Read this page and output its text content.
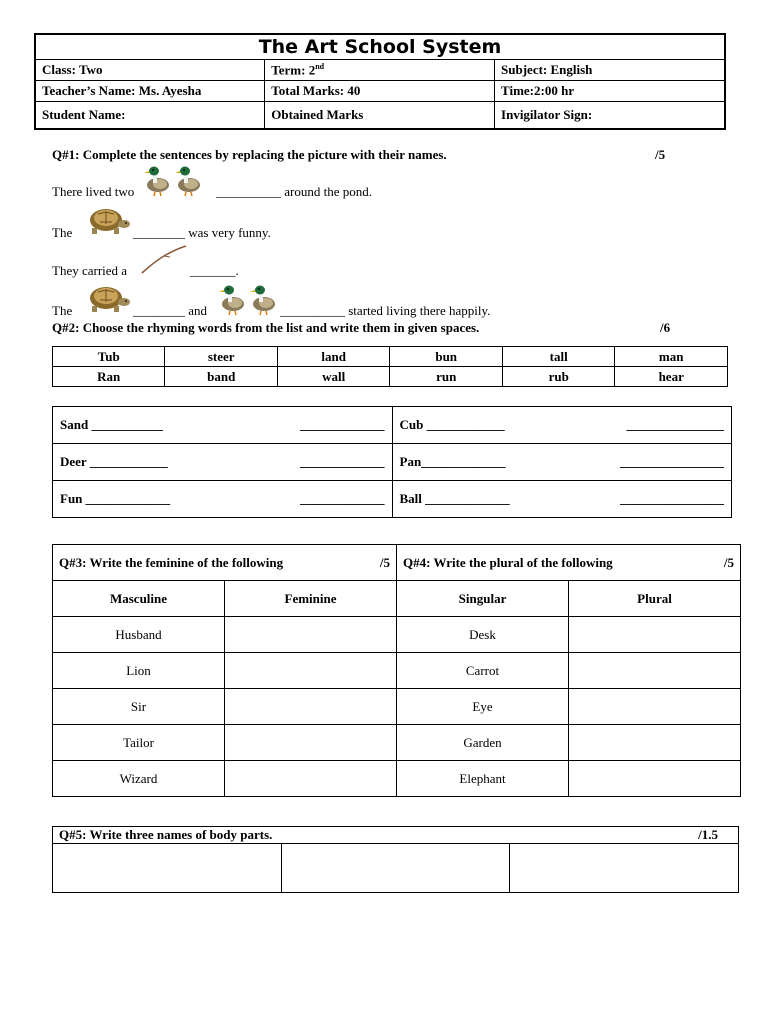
The Art School System		
Class: Two	Term: 2nd	Subject: English
Teacher’s Name: Ms. Ayesha	Total Marks: 40	Time:2:00 hr
Student Name:	Obtained Marks	Invigilator Sign:
Q#1: Complete the sentences by replacing the picture with their names.	/5
There lived two	__________ around the pond.
The	________ was very funny.
They carried a	_______.
The	________ and	__________ started living there happily.
Q#2: Choose the rhyming words from the list and write them in given spaces.	/6
Tub	steer	land	bun	tall	man
Ran	band	wall	run	rub	hear
Sand ___________ _____________	Cub ____________ _______________

Deer ____________ _____________	Pan_____________ ________________

Fun _____________ _____________	Ball _____________ ________________
Q#3: Write the feminine of the following /5		Q#4: Write the plural of the following /5	

Masculine	Feminine	Singular	Plural
Husband		Desk	
Lion		Carrot	
Sir		Eye	
Tailor		Garden	
Wizard		Elephant	
Q#5: Write three names of body parts.	/1.5
